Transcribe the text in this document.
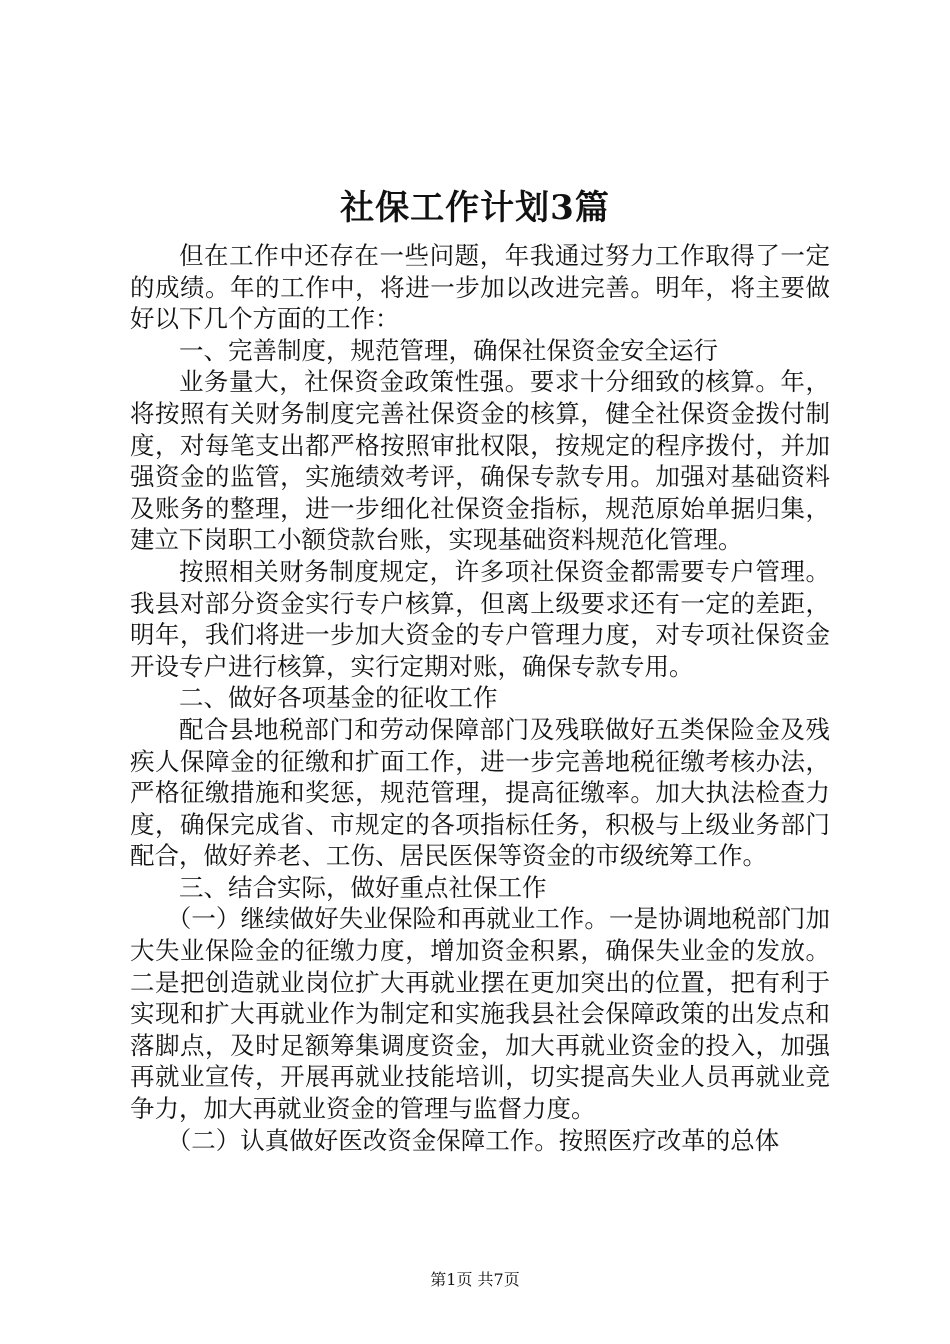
社保工作计划3篇

但在工作中还存在一些问题，年我通过努力工作取得了一定的成绩。年的工作中，将进一步加以改进完善。明年，将主要做好以下几个方面的工作：

一、完善制度，规范管理，确保社保资金安全运行

业务量大，社保资金政策性强。要求十分细致的核算。年，将按照有关财务制度完善社保资金的核算，健全社保资金拨付制度，对每笔支出都严格按照审批权限，按规定的程序拨付，并加强资金的监管，实施绩效考评，确保专款专用。加强对基础资料及账务的整理，进一步细化社保资金指标，规范原始单据归集，建立下岗职工小额贷款台账，实现基础资料规范化管理。

按照相关财务制度规定，许多项社保资金都需要专户管理。我县对部分资金实行专户核算，但离上级要求还有一定的差距，明年，我们将进一步加大资金的专户管理力度，对专项社保资金开设专户进行核算，实行定期对账，确保专款专用。

二、做好各项基金的征收工作

配合县地税部门和劳动保障部门及残联做好五类保险金及残疾人保障金的征缴和扩面工作，进一步完善地税征缴考核办法，严格征缴措施和奖惩，规范管理，提高征缴率。加大执法检查力度，确保完成省、市规定的各项指标任务，积极与上级业务部门配合，做好养老、工伤、居民医保等资金的市级统筹工作。

三、结合实际，做好重点社保工作

（一）继续做好失业保险和再就业工作。一是协调地税部门加大失业保险金的征缴力度，增加资金积累，确保失业金的发放。二是把创造就业岗位扩大再就业摆在更加突出的位置，把有利于实现和扩大再就业作为制定和实施我县社会保障政策的出发点和落脚点，及时足额筹集调度资金，加大再就业资金的投入，加强再就业宣传，开展再就业技能培训，切实提高失业人员再就业竞争力，加大再就业资金的管理与监督力度。

（二）认真做好医改资金保障工作。按照医疗改革的总体

第1页 共7页
